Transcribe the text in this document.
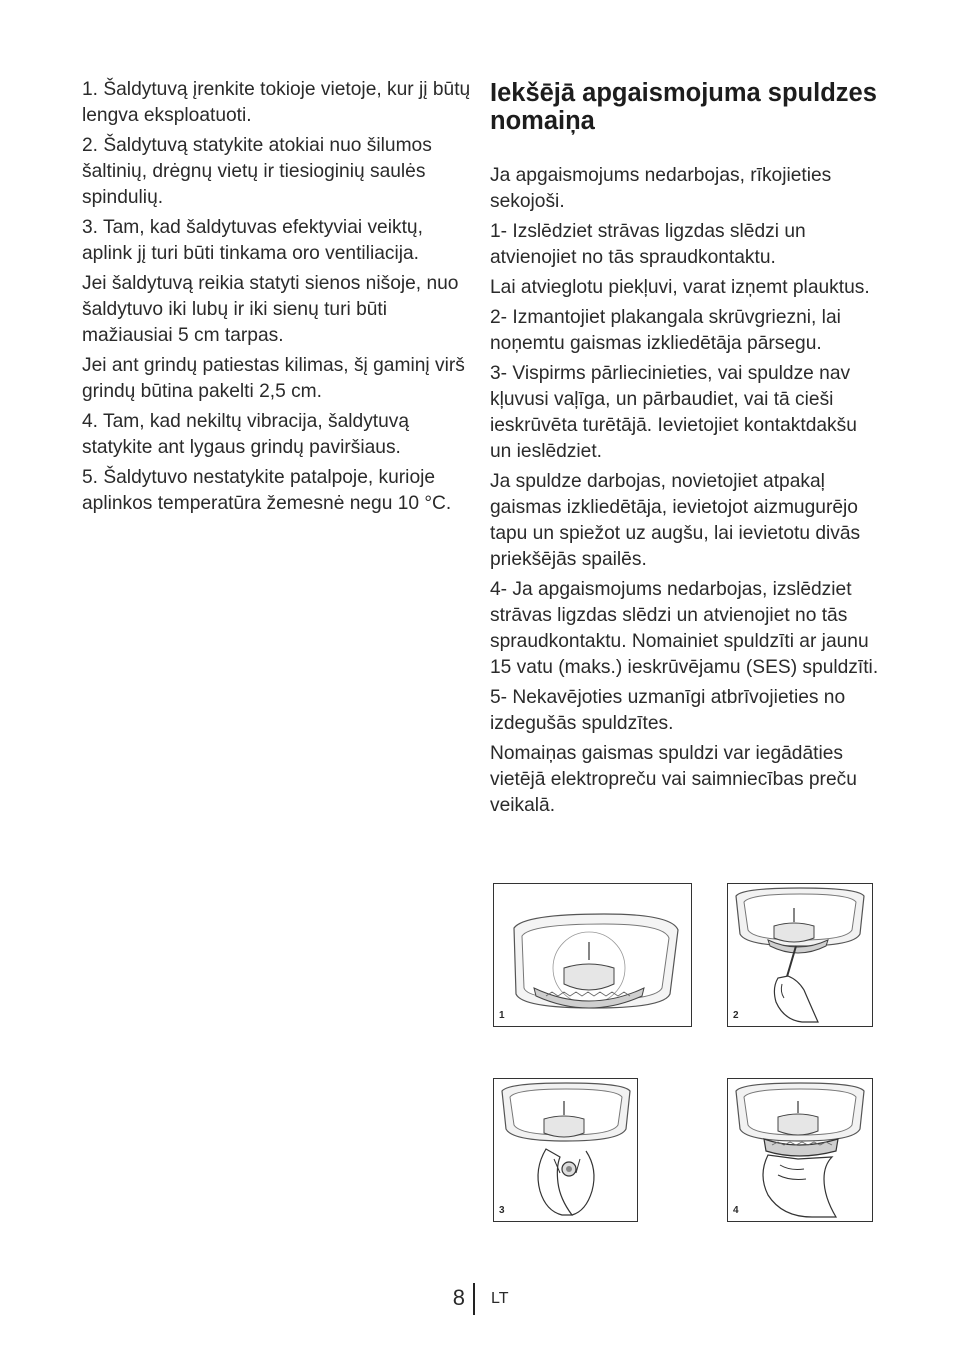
1. Šaldytuvą įrenkite tokioje vietoje, kur jį būtų lengva eksploatuoti.

2. Šaldytuvą statykite atokiai nuo šilumos šaltinių, drėgnų vietų ir tiesioginių saulės spindulių.

3. Tam, kad šaldytuvas efektyviai veiktų, aplink jį turi būti tinkama oro ventiliacija.

Jei šaldytuvą reikia statyti sienos nišoje, nuo šaldytuvo iki lubų ir iki sienų turi būti mažiausiai 5 cm tarpas.

Jei ant grindų patiestas kilimas, šį gaminį virš grindų būtina pakelti 2,5 cm.

4. Tam, kad nekiltų vibracija, šaldytuvą statykite ant lygaus grindų paviršiaus.

5. Šaldytuvo nestatykite patalpoje, kurioje aplinkos temperatūra žemesnė negu 10 °C.

Iekšējā apgaismojuma spuldzes nomaiņa

Ja apgaismojums nedarbojas, rīkojieties sekojoši.

1- Izslēdziet strāvas ligzdas slēdzi un atvienojiet no tās spraudkontaktu.

Lai atvieglotu piekļuvi, varat izņemt plauktus.

2- Izmantojiet plakangala skrūvgriezni, lai noņemtu gaismas izkliedētāja pārsegu.

3- Vispirms pārliecinieties, vai spuldze nav kļuvusi vaļīga, un pārbaudiet, vai tā cieši ieskrūvēta turētājā. Ievietojiet kontaktdakšu un ieslēdziet.

Ja spuldze darbojas, novietojiet atpakaļ gaismas izkliedētāja, ievietojot aizmugurējo tapu un spiežot uz augšu, lai ievietotu divās priekšējās spailēs.

4- Ja apgaismojums nedarbojas, izslēdziet strāvas ligzdas slēdzi un atvienojiet no tās spraudkontaktu. Nomainiet spuldzīti ar jaunu 15 vatu (maks.) ieskrūvējamu (SES) spuldzīti.

5- Nekavējoties uzmanīgi atbrīvojieties no izdegušās spuldzītes.

Nomaiņas gaismas spuldzi var iegādāties vietējā elektropreču vai saimniecības preču veikalā.

1	2
3	4
8 LT
